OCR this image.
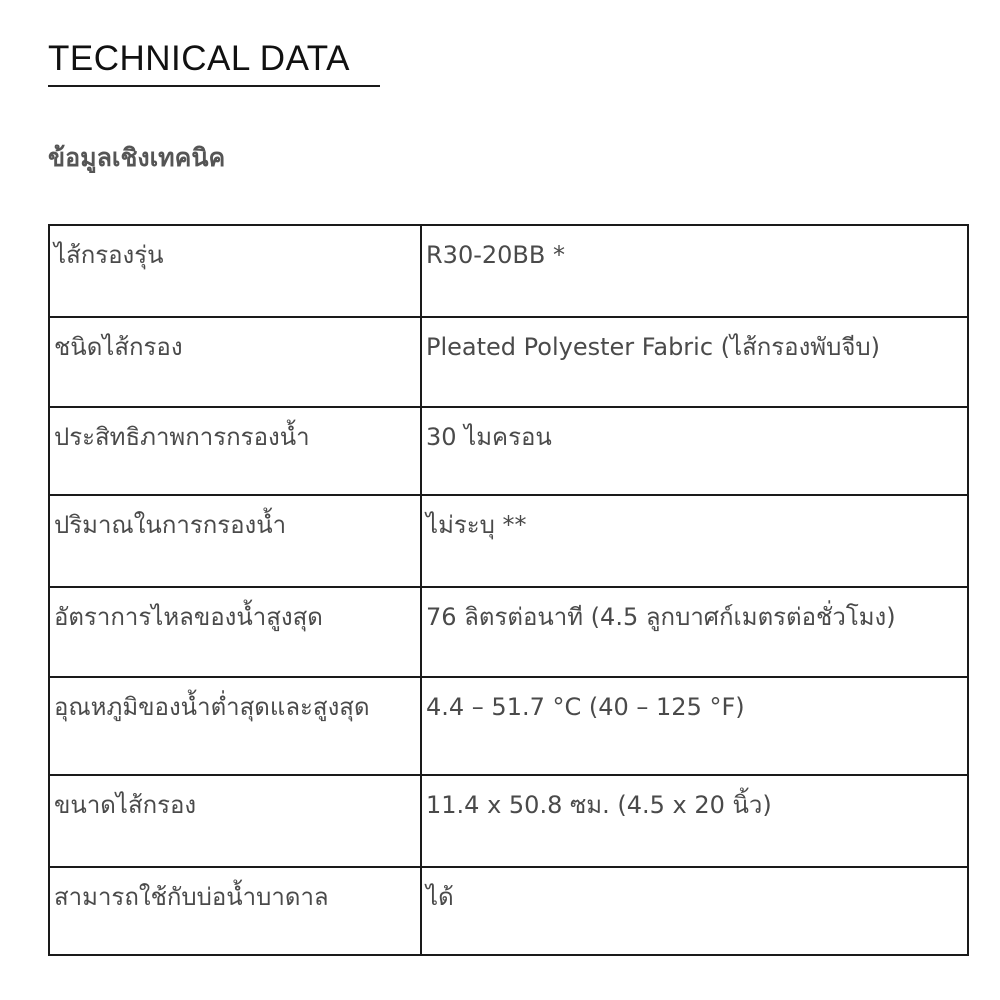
TECHNICAL DATA
ข้อมูลเชิงเทคนิค
ไส้กรองรุ่น	R30-20BB *
ชนิดไส้กรอง	Pleated Polyester Fabric (ไส้กรองพับจีบ)
ประสิทธิภาพการกรองน้ำ	30 ไมครอน
ปริมาณในการกรองน้ำ	ไม่ระบุ **
อัตราการไหลของน้ำสูงสุด	76 ลิตรต่อนาที (4.5 ลูกบาศก์เมตรต่อชั่วโมง)
อุณหภูมิของน้ำต่ำสุดและสูงสุด	4.4 – 51.7 °C (40 – 125 °F)
ขนาดไส้กรอง	11.4 x 50.8 ซม. (4.5 x 20 นิ้ว)
สามารถใช้กับบ่อน้ำบาดาล	ได้
